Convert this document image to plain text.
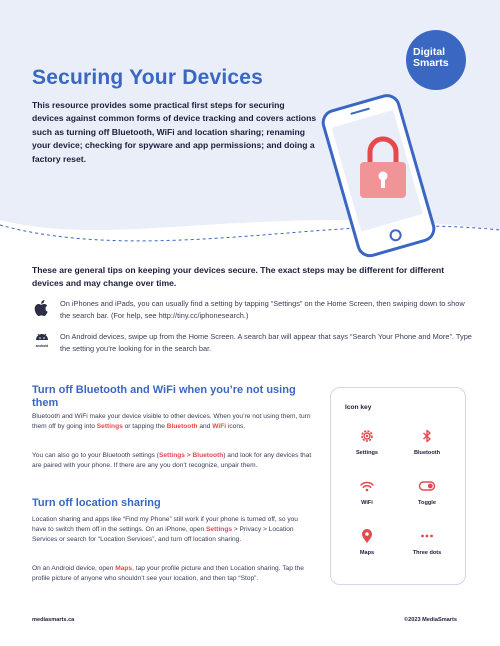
Digital
Smarts
Securing Your Devices

This resource provides some practical first steps for securing devices against common forms of device tracking and covers actions such as turning off Bluetooth, WiFi and location sharing; renaming your device; checking for spyware and app permissions; and doing a factory reset.

These are general tips on keeping your devices secure. The exact steps may be different for different devices and may change over time.

On iPhones and iPads, you can usually find a setting by tapping “Settings” on the Home Screen, then swiping down to show the search bar. (For help, see http://tiny.cc/iphonesearch.)
android
On Android devices, swipe up from the Home Screen. A search bar will appear that says “Search Your Phone and More”. Type the setting you’re looking for in the search bar.
Turn off Bluetooth and WiFi when you’re not using them

Bluetooth and WiFi make your device visible to other devices. When you’re not using them, turn them off by going into Settings or tapping the Bluetooth and WiFi icons.

You can also go to your Bluetooth settings (Settings > Bluetooth) and look for any devices that are paired with your phone. If there are any you don’t recognize, unpair them.

Turn off location sharing

Location sharing and apps like “Find my Phone” still work if your phone is turned off, so you have to switch them off in the settings. On an iPhone, open Settings > Privacy > Location Services or search for “Location Services”, and turn off location sharing.

On an Android device, open Maps, tap your profile picture and then Location sharing. Tap the profile picture of anyone who shouldn’t see your location, and then tap “Stop”.

Icon key
Settings	Bluetooth
WiFi	Toggle
Maps	Three dots
mediasmarts.ca	©2023 MediaSmarts
